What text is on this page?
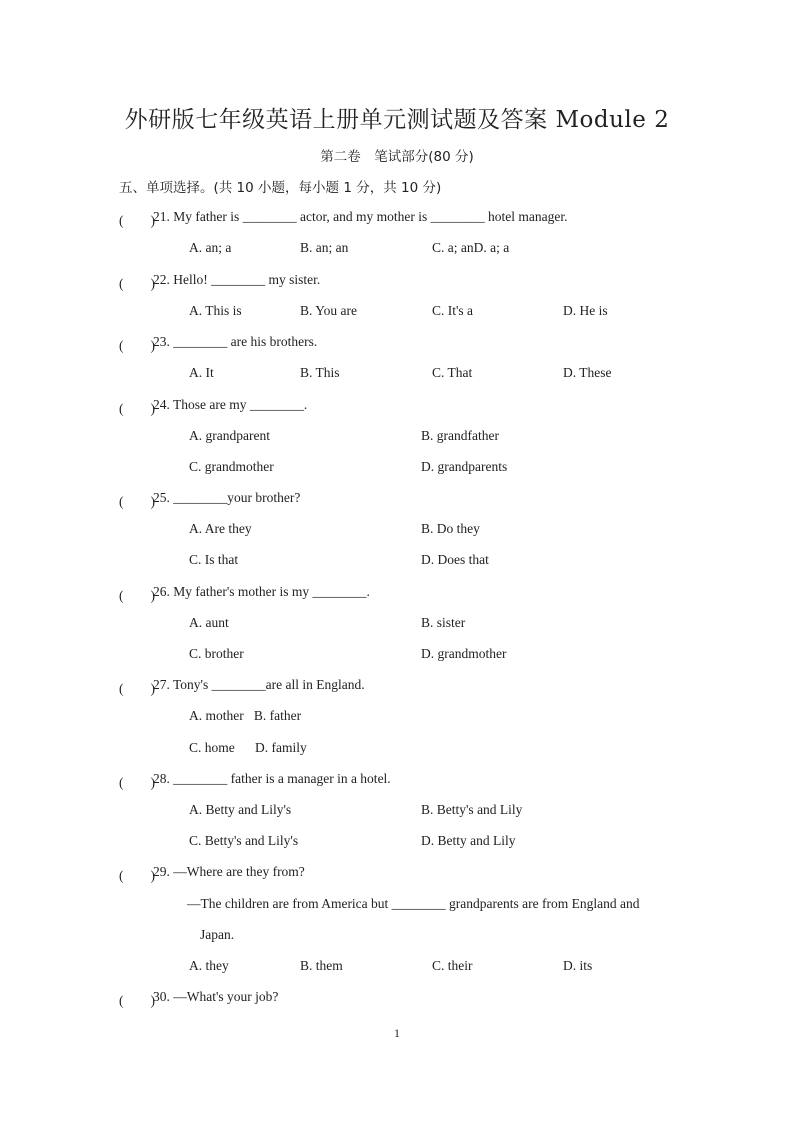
外研版七年级英语上册单元测试题及答案 Module 2
第二卷　笔试部分(80 分)
五、单项选择。(共 10 小题，每小题 1 分，共 10 分)
(　　)
21. My father is ________ actor, and my mother is ________ hotel manager.
A. an; a	B. an; an	C. a; anD. a; a
(　　)
22. Hello! ________ my sister.
A. This is	B. You are	C. It's a	D. He is
(　　)
23. ________ are his brothers.
A. It	B. This	C. That	D. These
(　　)
24. Those are my ________.
A. grandparent	B. grandfather
C. grandmother	D. grandparents
(　　)
25. ________your brother?
A. Are they	B. Do they
C. Is that	D. Does that
(　　)
26. My father's mother is my ________.
A. aunt	B. sister
C. brother	D. grandmother
(　　)
27. Tony's ________are all in England.
A. mother   B. father
C. home      D. family
(　　)
28. ________ father is a manager in a hotel.
A. Betty and Lily's	B. Betty's and Lily
C. Betty's and Lily's	D. Betty and Lily
(　　)
29. —Where are they from?
—The children are from America but ________ grandparents are from England and
Japan.
A. they	B. them	C. their	D. its
(　　)
30. —What's your job?
1
